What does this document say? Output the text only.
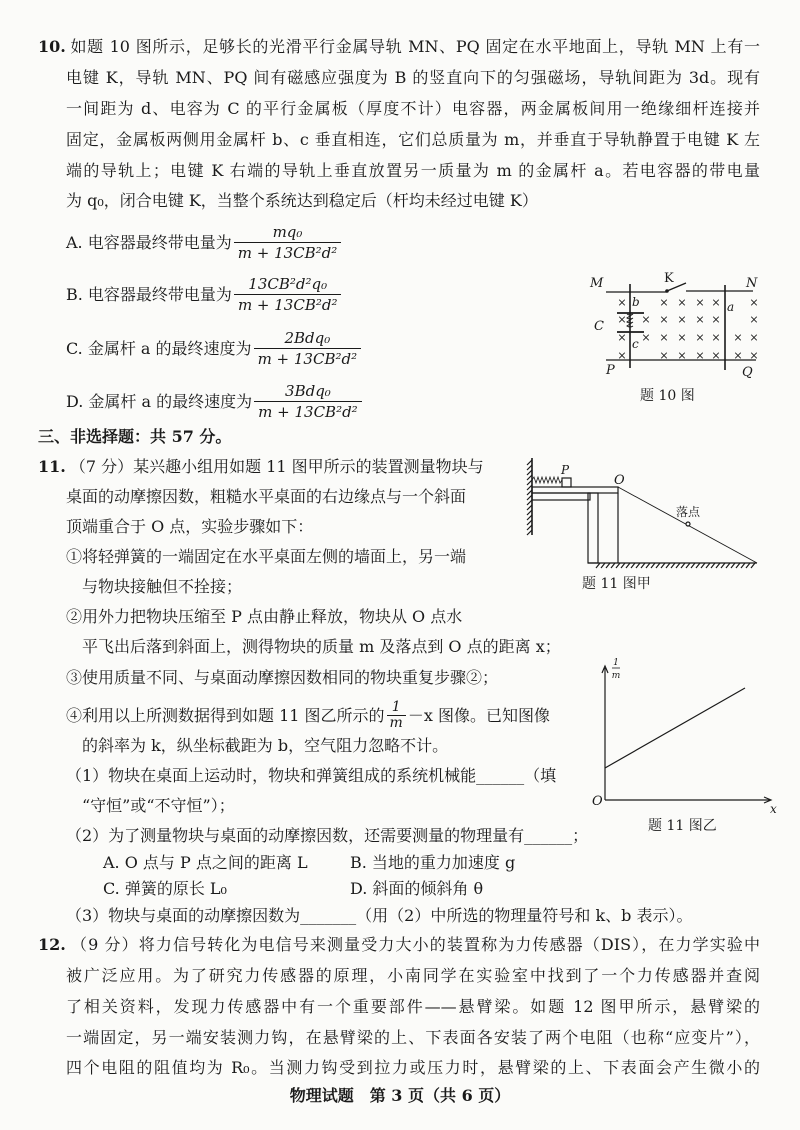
10. 如题 10 图所示，足够长的光滑平行金属导轨 MN、PQ 固定在水平地面上，导轨 MN 上有一
电键 K，导轨 MN、PQ 间有磁感应强度为 B 的竖直向下的匀强磁场，导轨间距为 3d。现有
一间距为 d、电容为 C 的平行金属板（厚度不计）电容器，两金属板间用一绝缘细杆连接并
固定，金属板两侧用金属杆 b、c 垂直相连，它们总质量为 m，并垂直于导轨静置于电键 K 左
端的导轨上；电键 K 右端的导轨上垂直放置另一质量为 m 的金属杆 a。若电容器的带电量
为 q₀，闭合电键 K，当整个系统达到稳定后（杆均未经过电键 K）
A. 电容器最终带电量为 $\frac{\text{mq₀}}{\text{m + 13CB²d²}}$
B. 电容器最终带电量为 $\frac{\text{13CB²d²q₀}}{\text{m + 13CB²d²}}$
C. 金属杆 a 的最终速度为 $\frac{\text{2Bdq₀}}{\text{m + 13CB²d²}}$
D. 金属杆 a 的最终速度为 $\frac{\text{3Bdq₀}}{\text{m + 13CB²d²}}$
×	× × × ×	×
× × × × × ×	×
× × × × × × × ×
×	× × × × × ×
M	N
P	Q
K
C
b
c
a
题 10 图
三、非选择题：共 57 分。
11. （7 分）某兴趣小组用如题 11 图甲所示的装置测量物块与
桌面的动摩擦因数，粗糙水平桌面的右边缘点与一个斜面
顶端重合于 O 点，实验步骤如下：
①将轻弹簧的一端固定在水平桌面左侧的墙面上，另一端
与物块接触但不拴接；
②用外力把物块压缩至 P 点由静止释放，物块从 O 点水
平飞出后落到斜面上，测得物块的质量 m 及落点到 O 点的距离 x；
③使用质量不同、与桌面动摩擦因数相同的物块重复步骤②；
④利用以上所测数据得到如题 11 图乙所示的 $\frac{1}{m} -x$ 图像。已知图像
的斜率为 k，纵坐标截距为 b，空气阻力忽略不计。
（1）物块在桌面上运动时，物块和弹簧组成的系统机械能______（填
“守恒”或“不守恒”）；
（2）为了测量物块与桌面的动摩擦因数，还需要测量的物理量有______；
A. O 点与 P 点之间的距离 L	B. 当地的重力加速度 g
C. 弹簧的原长 L₀	D. 斜面的倾斜角 θ
（3）物块与桌面的动摩擦因数为_______（用（2）中所选的物理量符号和 k、b 表示）。
P
O
落点
题 11 图甲
1
m
x
O
题 11 图乙
12. （9 分）将力信号转化为电信号来测量受力大小的装置称为力传感器（DIS），在力学实验中
被广泛应用。为了研究力传感器的原理，小南同学在实验室中找到了一个力传感器并查阅
了相关资料，发现力传感器中有一个重要部件——悬臂梁。如题 12 图甲所示，悬臂梁的
一端固定，另一端安装测力钩，在悬臂梁的上、下表面各安装了两个电阻（也称“应变片”），
四个电阻的阻值均为 R₀。当测力钩受到拉力或压力时，悬臂梁的上、下表面会产生微小的
物理试题　第 3 页（共 6 页）
